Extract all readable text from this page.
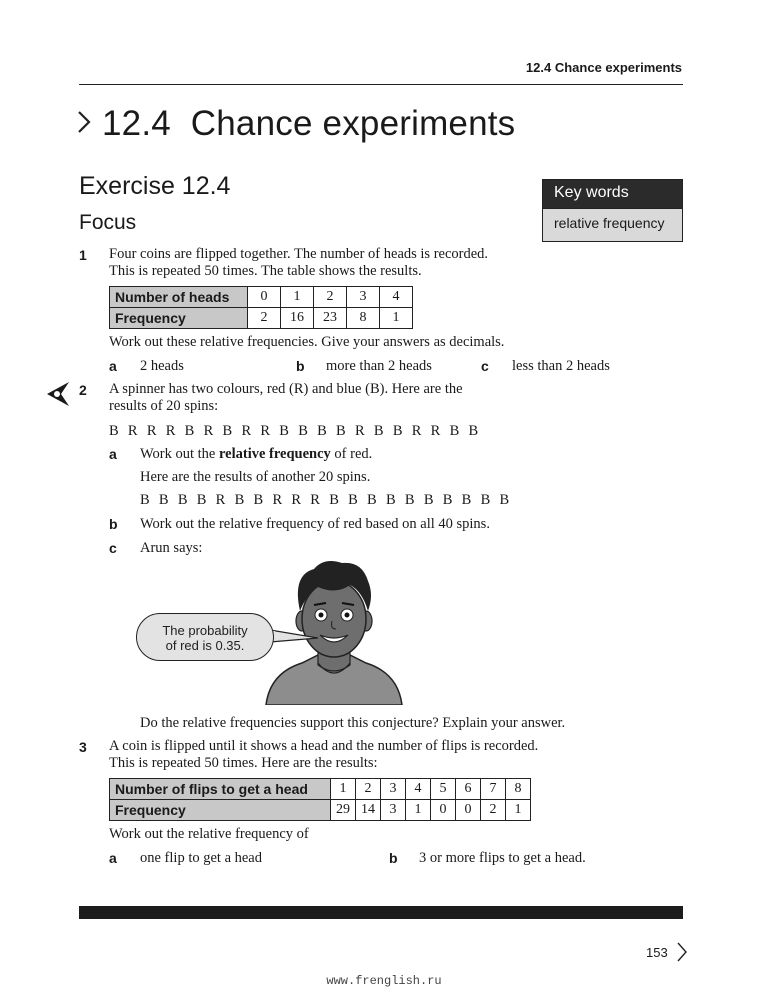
12.4 Chance experiments
12.4 Chance experiments
Exercise 12.4
Focus
Key words
relative frequency
1 Four coins are flipped together. The number of heads is recorded.
This is repeated 50 times. The table shows the results.
Number of heads	0	1	2	3	4
Frequency	2	16	23	8	1
Work out these relative frequencies. Give your answers as decimals.
a 2 heads	b more than 2 heads	c less than 2 heads
2 A spinner has two colours, red (R) and blue (B). Here are the
results of 20 spins:
B  R  R  R  B  R  B  R  R  B  B  B  B  R  B  B  R  R  B  B
a Work out the relative frequency of red.
Here are the results of another 20 spins.
B  B  B  B  R  B  B  R  R  R  B  B  B  B  B  B  B  B  B  B
b Work out the relative frequency of red based on all 40 spins.
c Arun says:
The probability
of red is 0.35.
Do the relative frequencies support this conjecture? Explain your answer.
3 A coin is flipped until it shows a head and the number of flips is recorded.
This is repeated 50 times. Here are the results:
Number of flips to get a head	1	2	3	4	5	6	7	8
Frequency	29	14	3	1	0	0	2	1
Work out the relative frequency of
a one flip to get a head	b 3 or more flips to get a head.
153
www.frenglish.ru
